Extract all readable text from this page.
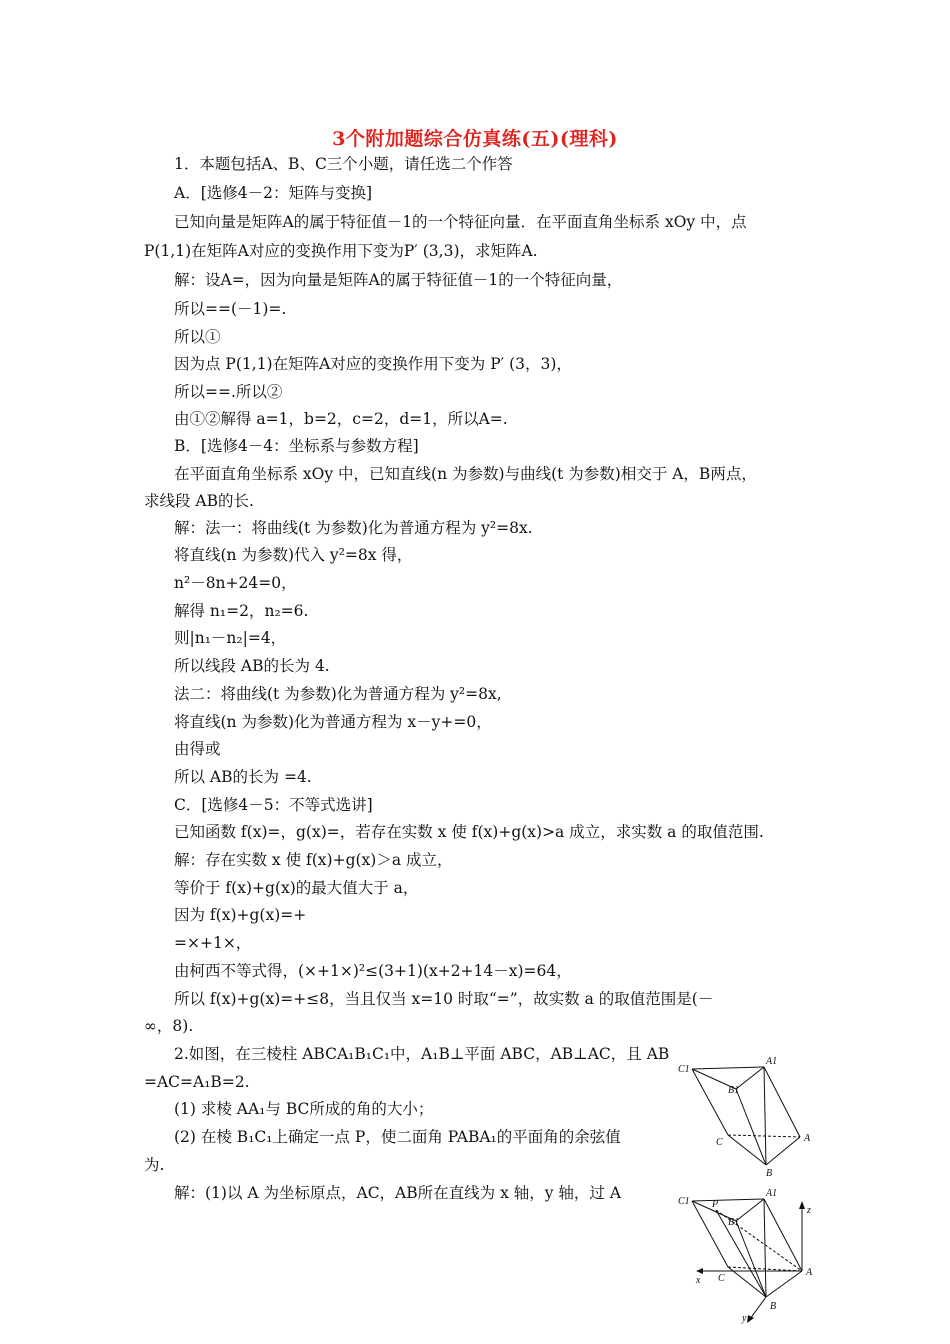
3个附加题综合仿真练(五)(理科)
1．本题包括A、B、C三个小题，请任选二个作答
A．[选修4－2：矩阵与变换]
已知向量是矩阵A的属于特征值－1的一个特征向量．在平面直角坐标系 xOy 中，点
P(1,1)在矩阵A对应的变换作用下变为P′ (3,3)，求矩阵A.
解：设A=，因为向量是矩阵A的属于特征值－1的一个特征向量，
所以==(－1)=.
所以①
因为点 P(1,1)在矩阵A对应的变换作用下变为 P′ (3，3)，
所以==.所以②
由①②解得 a=1，b=2，c=2，d=1，所以A=.
B．[选修4－4：坐标系与参数方程]
在平面直角坐标系 xOy 中，已知直线(n 为参数)与曲线(t 为参数)相交于 A，B两点，
求线段 AB的长.
解：法一：将曲线(t 为参数)化为普通方程为 y²=8x.
将直线(n 为参数)代入 y²=8x 得，
n²－8n+24=0，
解得 n₁=2，n₂=6.
则|n₁－n₂|=4，
所以线段 AB的长为 4.
法二：将曲线(t 为参数)化为普通方程为 y²=8x,
将直线(n 为参数)化为普通方程为 x－y+=0，
由得或
所以 AB的长为 =4.
C．[选修4－5：不等式选讲]
已知函数 f(x)=，g(x)=，若存在实数 x 使 f(x)+g(x)>a 成立，求实数 a 的取值范围.
解：存在实数 x 使 f(x)+g(x)＞a 成立，
等价于 f(x)+g(x)的最大值大于 a，
因为 f(x)+g(x)=+
=×+1×，
由柯西不等式得，(×+1×)²≤(3+1)(x+2+14－x)=64，
所以 f(x)+g(x)=+≤8，当且仅当 x=10 时取“=”，故实数 a 的取值范围是(－
∞，8).
2.如图，在三棱柱 ABCA₁B₁C₁中，A₁B⊥平面 ABC，AB⊥AC，且 AB
=AC=A₁B=2.
(1) 求棱 AA₁与 BC所成的角的大小；
(2) 在棱 B₁C₁上确定一点 P，使二面角 PABA₁的平面角的余弦值
为.
解：(1)以 A 为坐标原点，AC，AB所在直线为 x 轴，y 轴，过 A
C1
A1
B1
C	A
B
C1 P
A1
B1
z
x C
A
y
B
